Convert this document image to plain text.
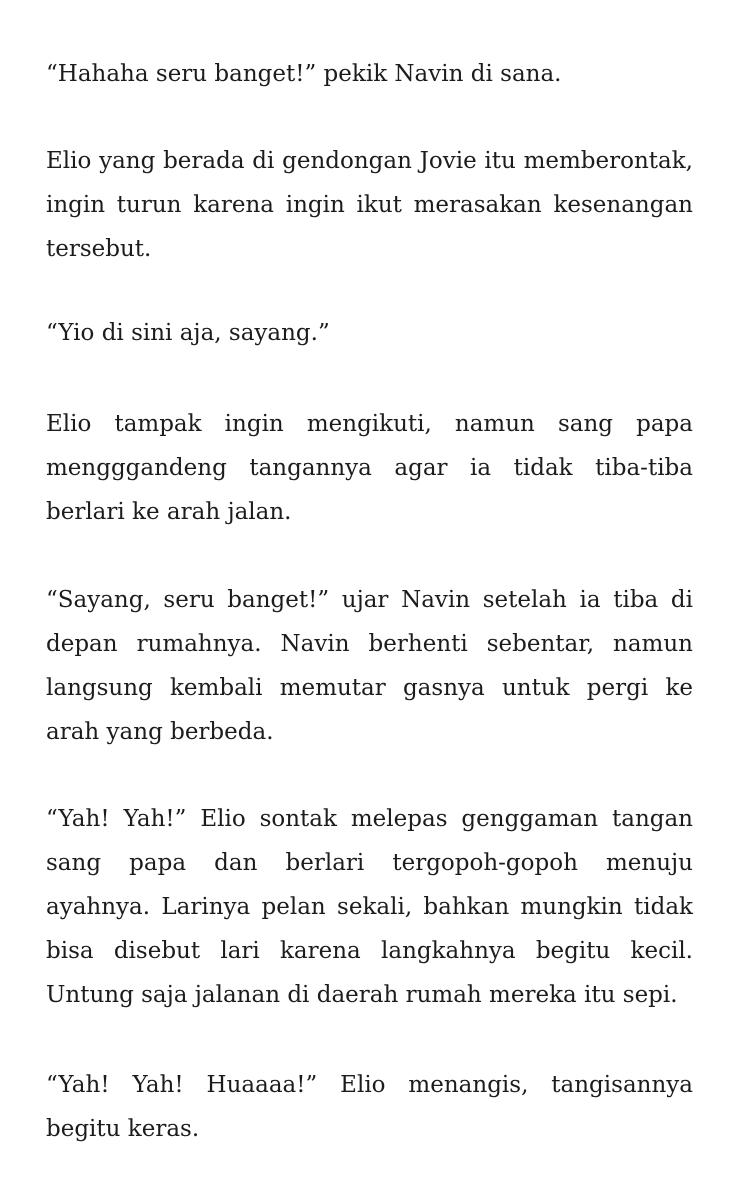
“Hahaha seru banget!” pekik Navin di sana.

Elio yang berada di gendongan Jovie itu memberontak, ingin turun karena ingin ikut merasakan kesenangan tersebut.

“Yio di sini aja, sayang.”

Elio tampak ingin mengikuti, namun sang papa mengggandeng tangannya agar ia tidak tiba-tiba berlari ke arah jalan.

“Sayang, seru banget!” ujar Navin setelah ia tiba di depan rumahnya. Navin berhenti sebentar, namun langsung kembali memutar gasnya untuk pergi ke arah yang berbeda.

“Yah! Yah!” Elio sontak melepas genggaman tangan sang papa dan berlari tergopoh-gopoh menuju ayahnya. Larinya pelan sekali, bahkan mungkin tidak bisa disebut lari karena langkahnya begitu kecil. Untung saja jalanan di daerah rumah mereka itu sepi.

“Yah! Yah! Huaaaa!” Elio menangis, tangisannya begitu keras.
